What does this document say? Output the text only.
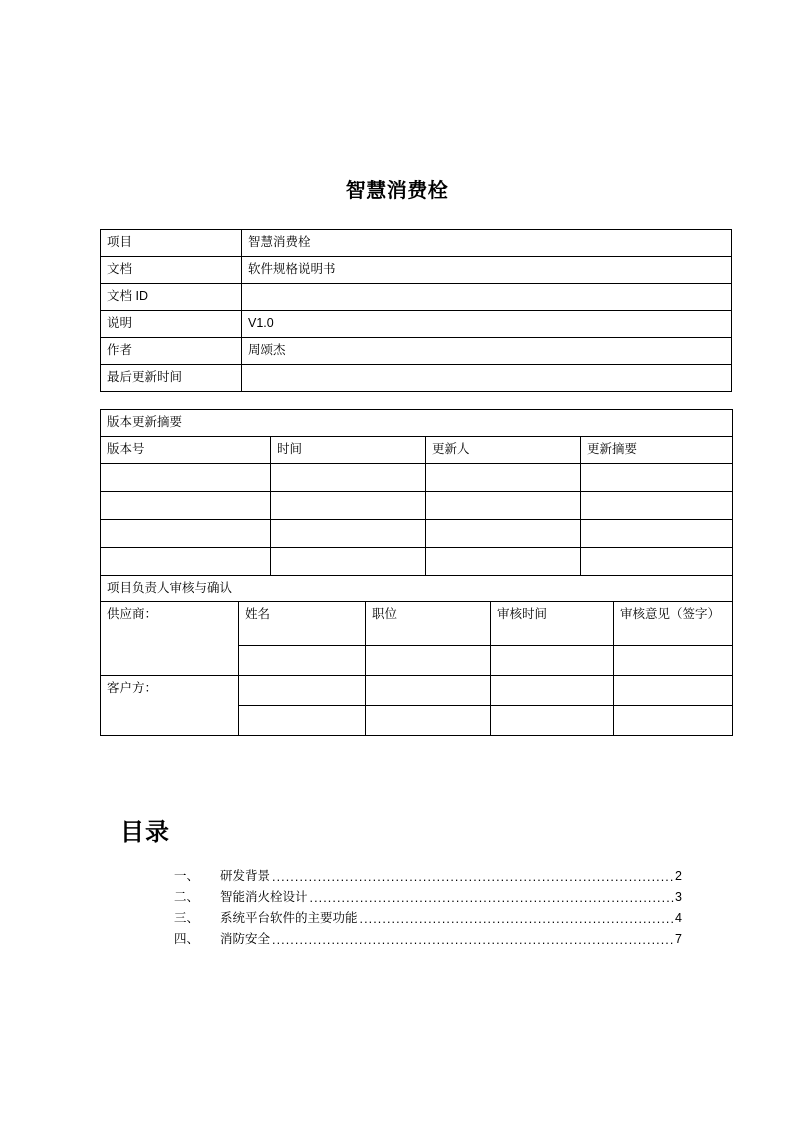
智慧消费栓
项目	智慧消费栓
文档	软件规格说明书
文档 ID	
说明	V1.0
作者	周颂杰
最后更新时间	
版本更新摘要			
版本号	时间	更新人	更新摘要

项目负责人审核与确认				
供应商：	姓名	职位	审核时间	审核意见（签字）

客户方：				

目录
一、	研发背景 .....	2
二、	智能消火栓设计 .....	3
三、	系统平台软件的主要功能 .....	4
四、	消防安全 .....	7
